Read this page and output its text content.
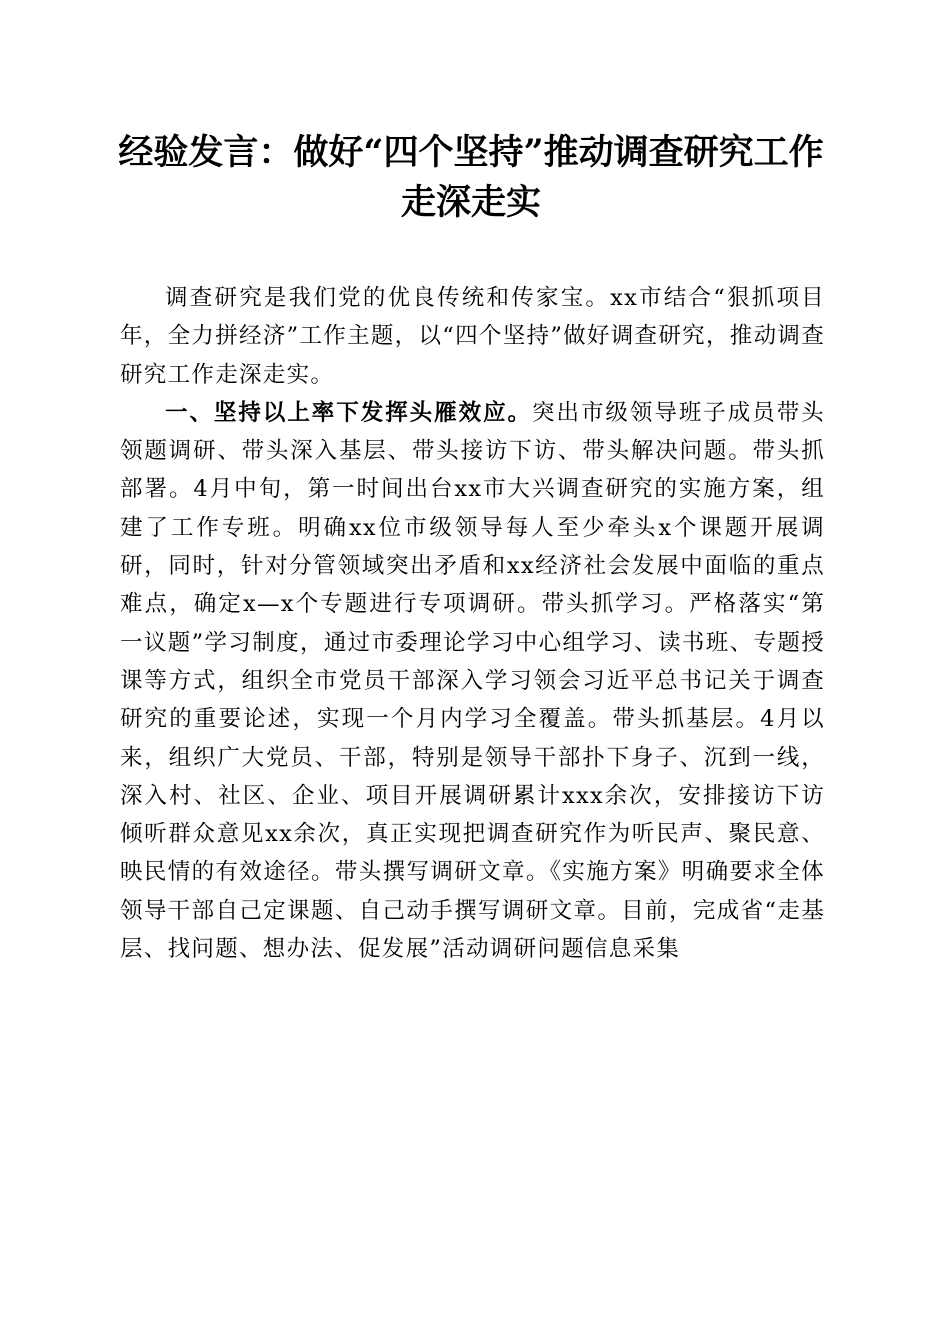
经验发言：做好“四个坚持”推动调查研究工作走深走实

调查研究是我们党的优良传统和传家宝。xx市结合“狠抓项目年，全力拼经济”工作主题，以“四个坚持”做好调查研究，推动调查研究工作走深走实。

一、坚持以上率下发挥头雁效应。突出市级领导班子成员带头领题调研、带头深入基层、带头接访下访、带头解决问题。带头抓部署。4月中旬，第一时间出台xx市大兴调查研究的实施方案，组建了工作专班。明确xx位市级领导每人至少牵头x个课题开展调研，同时，针对分管领域突出矛盾和xx经济社会发展中面临的重点难点，确定x—x个专题进行专项调研。带头抓学习。严格落实“第一议题”学习制度，通过市委理论学习中心组学习、读书班、专题授课等方式，组织全市党员干部深入学习领会习近平总书记关于调查研究的重要论述，实现一个月内学习全覆盖。带头抓基层。4月以来，组织广大党员、干部，特别是领导干部扑下身子、沉到一线，深入村、社区、企业、项目开展调研累计xxx余次，安排接访下访倾听群众意见xx余次，真正实现把调查研究作为听民声、聚民意、映民情的有效途径。带头撰写调研文章。《实施方案》明确要求全体领导干部自己定课题、自己动手撰写调研文章。目前，完成省“走基层、找问题、想办法、促发展”活动调研问题信息采集
